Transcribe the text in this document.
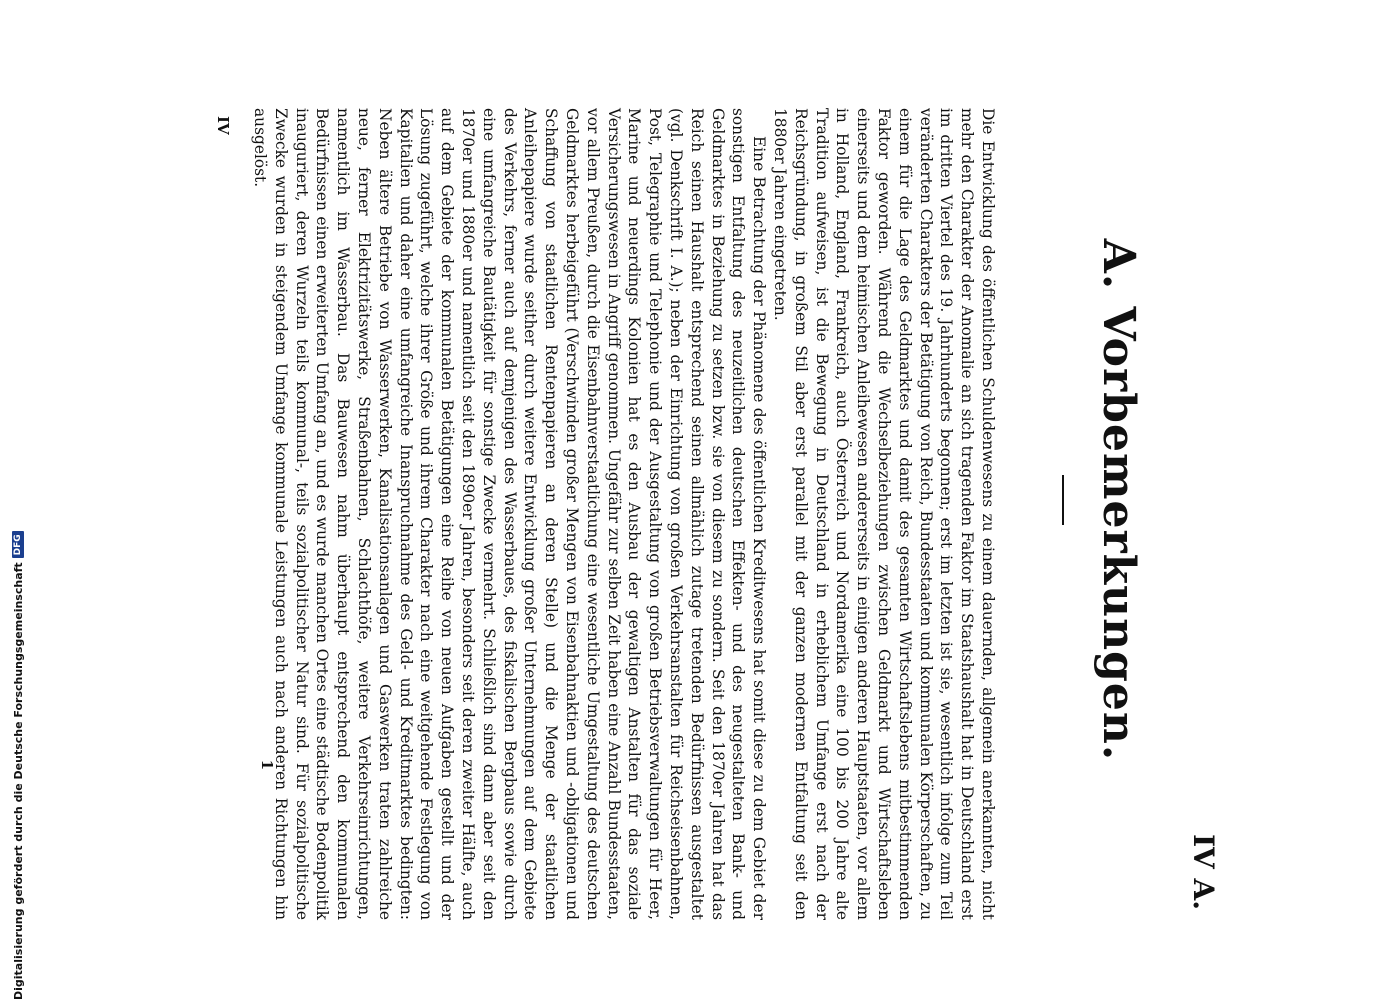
IV A.
A. Vorbemerkungen.

Die Entwicklung des öffentlichen Schuldenwesens zu einem dauernden, allgemein anerkannten, nicht mehr den Charakter der Anomalie an sich tragenden Faktor im Staatshaushalt hat in Deutschland erst im dritten Viertel des 19. Jahrhunderts begonnen; erst im letzten ist sie, wesentlich infolge zum Teil veränderten Charakters der Betätigung von Reich, Bundesstaaten und kommunalen Körperschaften, zu einem für die Lage des Geldmarktes und damit des gesamten Wirtschaftslebens mitbestimmenden Faktor geworden. Während die Wechselbeziehungen zwischen Geldmarkt und Wirtschaftsleben einerseits und dem heimischen Anleihewesen andererseits in einigen anderen Hauptstaaten, vor allem in Holland, England, Frankreich, auch Österreich und Nordamerika eine 100 bis 200 Jahre alte Tradition aufweisen, ist die Bewegung in Deutschland in erheblichem Umfange erst nach der Reichsgründung, in großem Stil aber erst parallel mit der ganzen modernen Entfaltung seit den 1880er Jahren eingetreten.

Eine Betrachtung der Phänomene des öffentlichen Kreditwesens hat somit diese zu dem Gebiet der sonstigen Entfaltung des neuzeitlichen deutschen Effekten- und des neugestalteten Bank- und Geldmarktes in Beziehung zu setzen bzw. sie von diesem zu sondern. Seit den 1870er Jahren hat das Reich seinen Haushalt entsprechend seinen allmählich zutage tretenden Bedürfnissen ausgestaltet (vgl. Denkschrift I. A.); neben der Einrichtung von großen Verkehrsanstalten für Reichseisenbahnen, Post, Telegraphie und Telephonie und der Ausgestaltung von großen Betriebsverwaltungen für Heer, Marine und neuerdings Kolonien hat es den Ausbau der gewaltigen Anstalten für das soziale Versicherungswesen in Angriff genommen. Ungefähr zur selben Zeit haben eine Anzahl Bundesstaaten, vor allem Preußen, durch die Eisenbahnverstaatlichung eine wesentliche Umgestaltung des deutschen Geldmarktes herbeigeführt (Verschwinden großer Mengen von Eisenbahnaktien und -obligationen und Schaffung von staatlichen Rentenpapieren an deren Stelle) und die Menge der staatlichen Anleihepapiere wurde seither durch weitere Entwicklung großer Unternehmungen auf dem Gebiete des Verkehrs, ferner auch auf demjenigen des Wasserbaues, des fiskalischen Bergbaus sowie durch eine umfangreiche Bautätigkeit für sonstige Zwecke vermehrt. Schließlich sind dann aber seit den 1870er und 1880er und namentlich seit den 1890er Jahren, besonders seit deren zweiter Hälfte, auch auf dem Gebiete der kommunalen Betätigungen eine Reihe von neuen Aufgaben gestellt und der Lösung zugeführt, welche ihrer Größe und ihrem Charakter nach eine weitgehende Festlegung von Kapitalien und daher eine umfangreiche Inanspruchnahme des Geld- und Kreditmarktes bedingten: Neben ältere Betriebe von Wasserwerken, Kanalisationsanlagen und Gaswerken traten zahlreiche neue, ferner Elektrizitätswerke, Straßenbahnen, Schlachthöfe, weitere Verkehrseinrichtungen, namentlich im Wasserbau. Das Bauwesen nahm überhaupt entsprechend den kommunalen Bedürfnissen einen erweiterten Umfang an, und es wurde manchen Ortes eine städtische Bodenpolitik inauguriert, deren Wurzeln teils kommunal-, teils sozialpolitischer Natur sind. Für sozialpolitische Zwecke wurden in steigendem Umfange kommunale Leistungen auch nach anderen Richtungen hin ausgelöst.

IV
1
Digitalisierung gefördert durch die Deutsche Forschungsgemeinschaft
DFG
